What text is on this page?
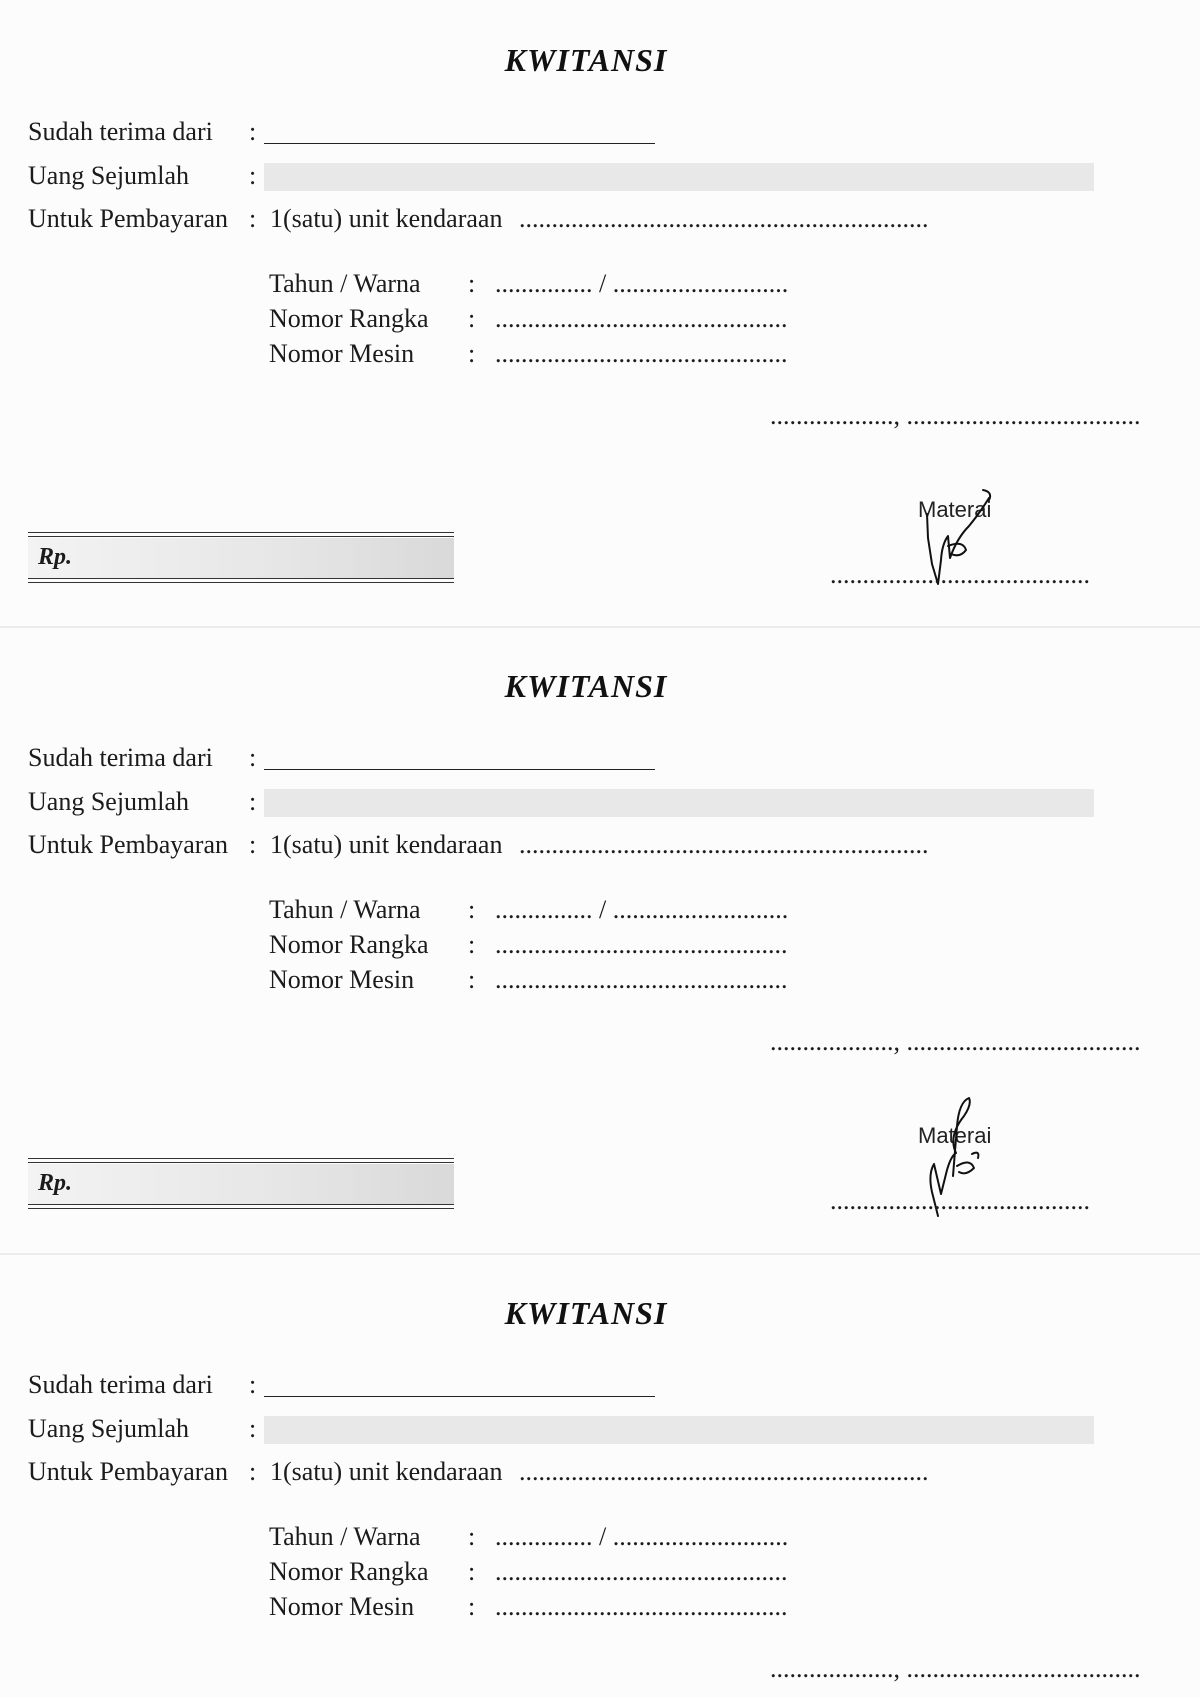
KWITANSI
Sudah terima dari :
Uang Sejumlah :
Untuk Pembayaran : 1(satu) unit kendaraan ...............................................................
Tahun / Warna : ............... / ...........................
Nomor Rangka : .............................................
Nomor Mesin : .............................................
..................., ....................................
Materai
........................................
Rp.
KWITANSI
Sudah terima dari :
Uang Sejumlah :
Untuk Pembayaran : 1(satu) unit kendaraan ...............................................................
Tahun / Warna : ............... / ...........................
Nomor Rangka : .............................................
Nomor Mesin : .............................................
..................., ....................................
Materai
........................................
Rp.
KWITANSI
Sudah terima dari :
Uang Sejumlah :
Untuk Pembayaran : 1(satu) unit kendaraan ...............................................................
Tahun / Warna : ............... / ...........................
Nomor Rangka : .............................................
Nomor Mesin : .............................................
..................., ....................................
